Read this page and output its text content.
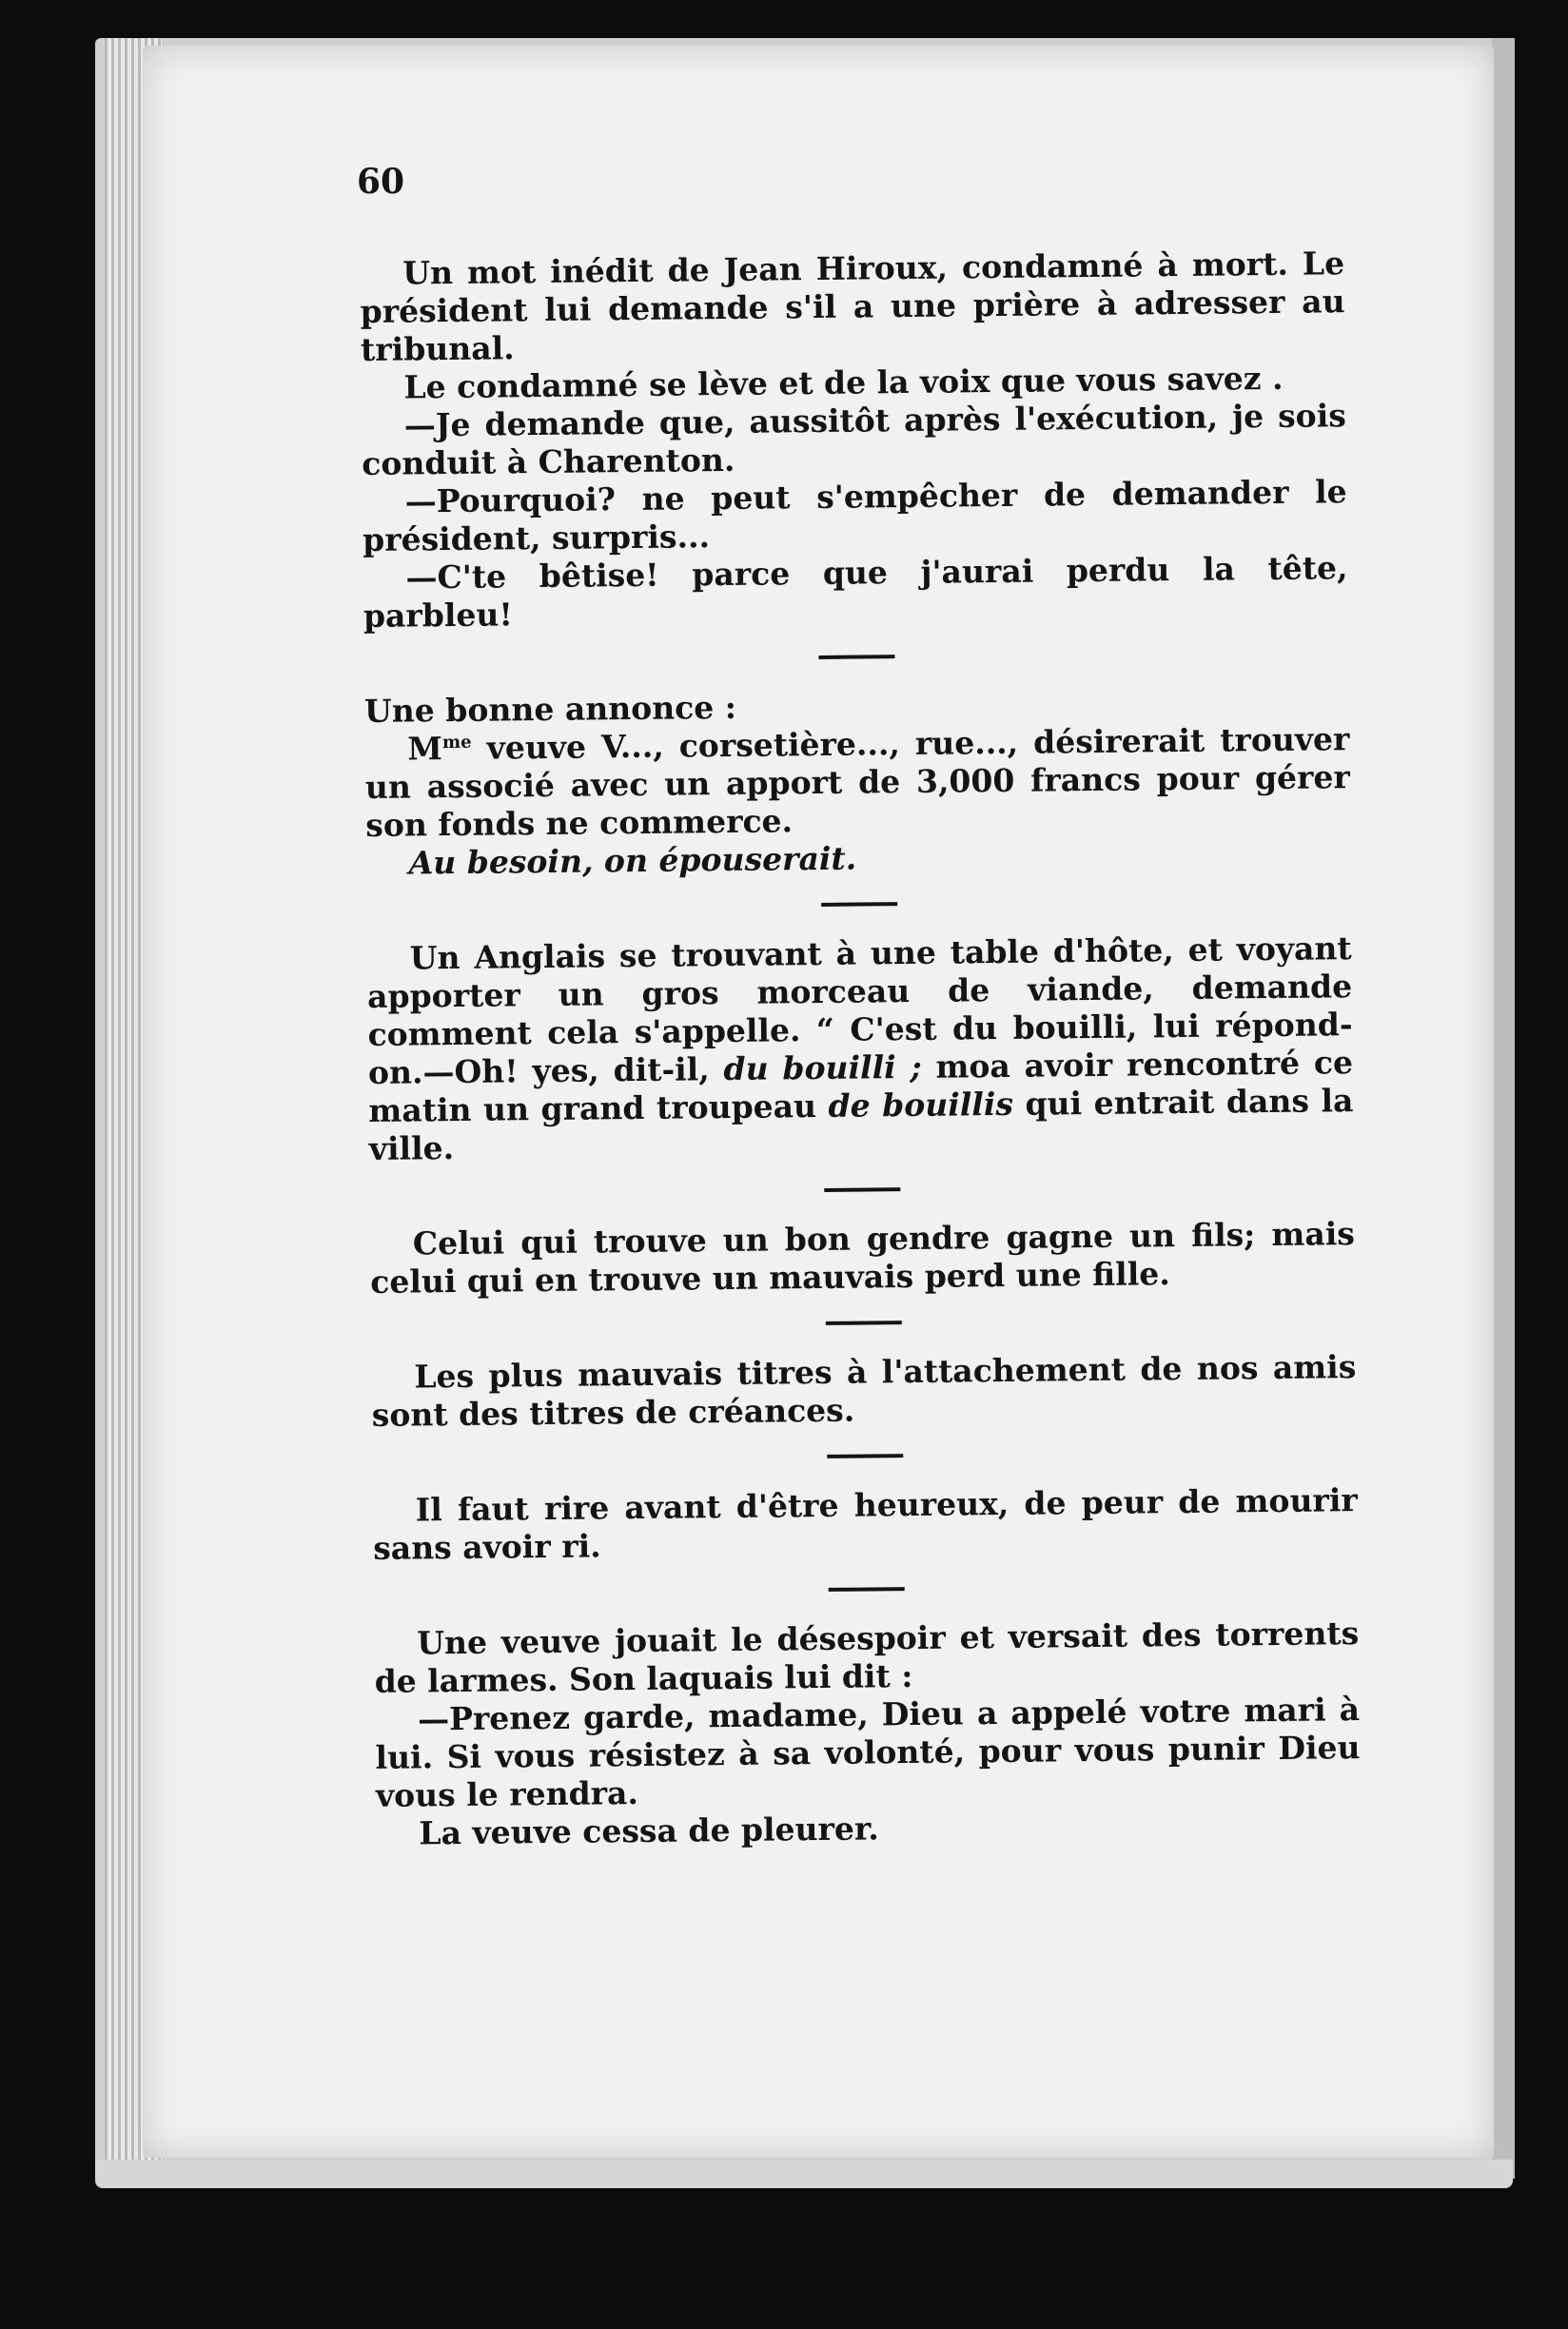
60

Un mot inédit de Jean Hiroux, condamné à mort. Le président lui demande s'il a une prière à adresser au tribunal.

Le condamné se lève et de la voix que vous savez .

—Je demande que, aussitôt après l'exécution, je sois conduit à Charenton.

—Pourquoi? ne peut s'empêcher de demander le président, surpris...

—C'te bêtise! parce que j'aurai perdu la tête, parbleu!

Une bonne annonce :

$M^{me}$ veuve V..., corsetière..., rue..., désirerait trouver un associé avec un apport de 3,000 francs pour gérer son fonds ne commerce.

Au besoin, on épouserait.

Un Anglais se trouvant à une table d'hôte, et voyant apporter un gros morceau de viande, demande comment cela s'appelle. “ C'est du bouilli, lui répond-on.—Oh! yes, dit-il, du bouilli ; moa avoir rencontré ce matin un grand troupeau de bouillis qui entrait dans la ville.

Celui qui trouve un bon gendre gagne un fils; mais celui qui en trouve un mauvais perd une fille.

Les plus mauvais titres à l'attachement de nos amis sont des titres de créances.

Il faut rire avant d'être heureux, de peur de mourir sans avoir ri.

Une veuve jouait le désespoir et versait des torrents de larmes. Son laquais lui dit :

—Prenez garde, madame, Dieu a appelé votre mari à lui. Si vous résistez à sa volonté, pour vous punir Dieu vous le rendra.

La veuve cessa de pleurer.
